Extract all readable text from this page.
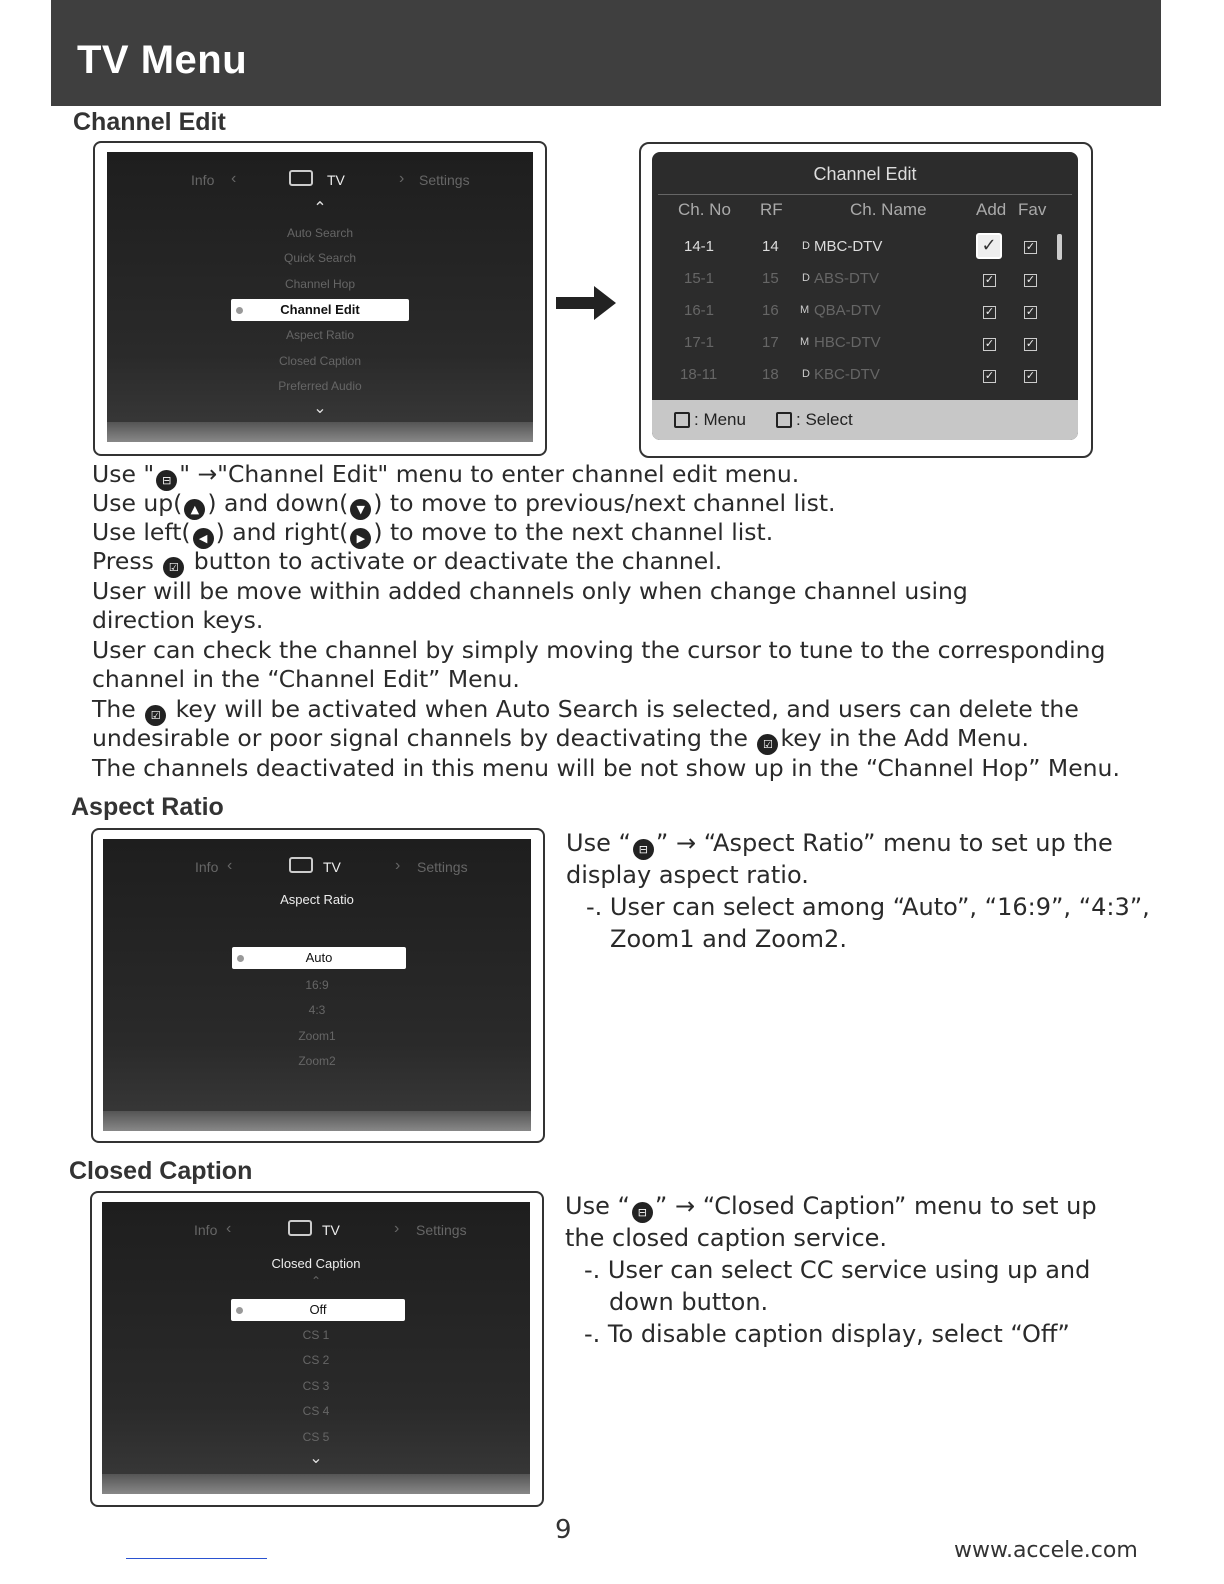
TV Menu
Channel Edit
Info ‹	TV	› Settings
⌃
Auto Search
Quick Search
Channel Hop
Channel Edit
Aspect Ratio
Closed Caption
Preferred Audio
⌄
Channel Edit
Ch. No RF	Ch. Name	Add Fav
14-1	14 D MBC-DTV	✓	✓
15-1	15 D ABS-DTV	✓	✓
16-1	16 M QBA-DTV	✓	✓
17-1	17 M HBC-DTV	✓	✓
18-11	18 D KBC-DTV	✓	✓
: Menu	: Select
Use " ⊟ " →"Channel Edit" menu to enter channel edit menu.
Use up( ▲ ) and down( ▼ ) to move to previous/next channel list.
Use left( ◀ ) and right( ▶ ) to move to the next channel list.
Press ☑ button to activate or deactivate the channel.
User will be move within added channels only when change channel using
direction keys.
User can check the channel by simply moving the cursor to tune to the corresponding
channel in the “Channel Edit” Menu.
The ☑ key will be activated when Auto Search is selected, and users can delete the
undesirable or poor signal channels by deactivating the ☑ key in the Add Menu.
The channels deactivated in this menu will be not show up in the “Channel Hop” Menu.
Aspect Ratio
Info ‹	TV	› Settings
Aspect Ratio
Auto
16:9
4:3
Zoom1
Zoom2
Use “ ⊟ ” → “Aspect Ratio” menu to set up the
display aspect ratio.
-. User can select among “Auto”, “16:9”, “4:3”,
Zoom1 and Zoom2.
Closed Caption
Info ‹	TV	› Settings
Closed Caption
⌃
Off
CS 1
CS 2
CS 3
CS 4
CS 5
⌄
Use “ ⊟ ” → “Closed Caption” menu to set up
the closed caption service.
-. User can select CC service using up and
down button.
-. To disable caption display, select “Off”
9
www.accele.com
